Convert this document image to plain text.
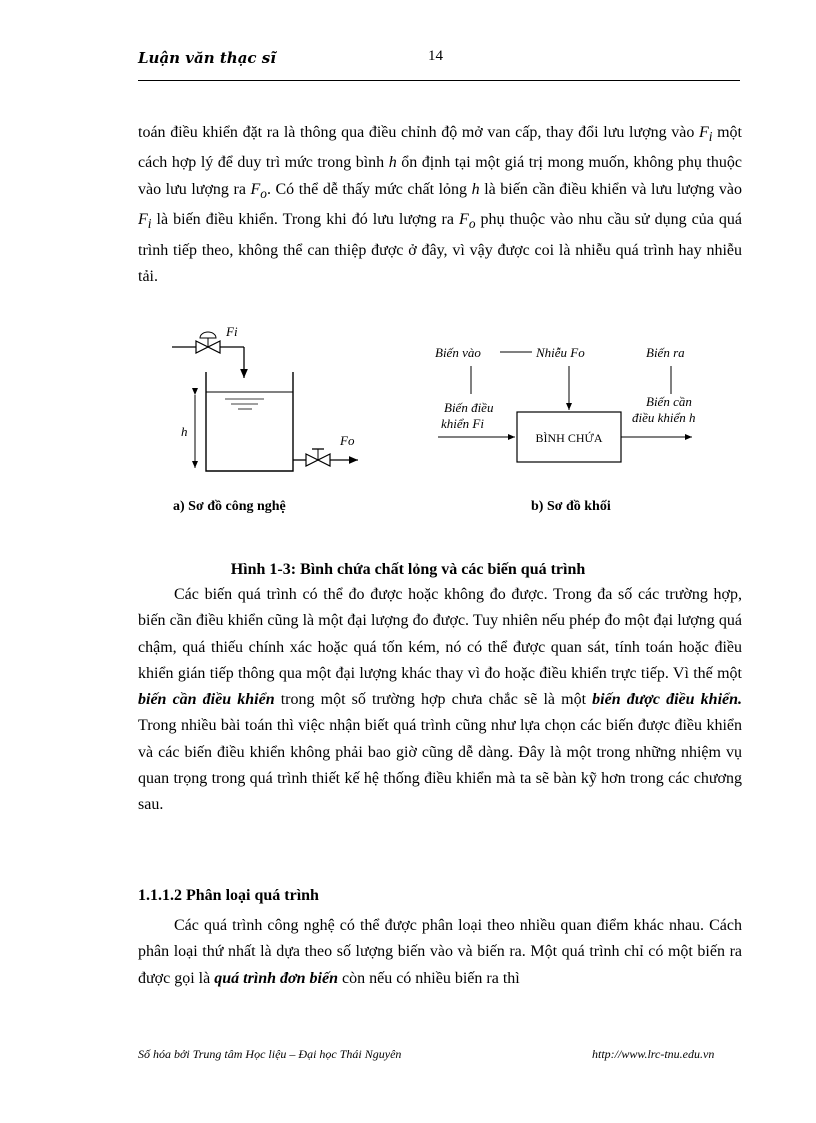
Luận văn thạc sĩ	14

toán điều khiển đặt ra là thông qua điều chỉnh độ mở van cấp, thay đổi lưu lượng vào $F_i$ một cách hợp lý để duy trì mức trong bình h ổn định tại một giá trị mong muốn, không phụ thuộc vào lưu lượng ra $F_o$. Có thể dễ thấy mức chất lỏng h là biến cần điều khiển và lưu lượng vào $F_i$ là biến điều khiển. Trong khi đó lưu lượng ra $F_o$ phụ thuộc vào nhu cầu sử dụng của quá trình tiếp theo, không thể can thiệp được ở đây, vì vậy được coi là nhiễu quá trình hay nhiễu tải.

Fi
h
Fo
Biến vào	Nhiễu Fo	Biến ra
Biến điều
khiển Fi
Biến cần
điều khiển h
BÌNH CHỨA
a) Sơ đồ công nghệ	b) Sơ đồ khối
Hình 1-3: Bình chứa chất lỏng và các biến quá trình

Các biến quá trình có thể đo được hoặc không đo được. Trong đa số các trường hợp, biến cần điều khiển cũng là một đại lượng đo được. Tuy nhiên nếu phép đo một đại lượng quá chậm, quá thiếu chính xác hoặc quá tốn kém, nó có thể được quan sát, tính toán hoặc điều khiển gián tiếp thông qua một đại lượng khác thay vì đo hoặc điều khiển trực tiếp. Vì thế một biến cần điều khiển trong một số trường hợp chưa chắc sẽ là một biến được điều khiển. Trong nhiều bài toán thì việc nhận biết quá trình cũng như lựa chọn các biến được điều khiển và các biến điều khiển không phải bao giờ cũng dễ dàng. Đây là một trong những nhiệm vụ quan trọng trong quá trình thiết kế hệ thống điều khiển mà ta sẽ bàn kỹ hơn trong các chương sau.

1.1.1.2 Phân loại quá trình

Các quá trình công nghệ có thể được phân loại theo nhiều quan điểm khác nhau. Cách phân loại thứ nhất là dựa theo số lượng biến vào và biến ra. Một quá trình chỉ có một biến ra được gọi là quá trình đơn biến còn nếu có nhiều biến ra thì

Số hóa bởi Trung tâm Học liệu – Đại học Thái Nguyên	http://www.lrc-tnu.edu.vn
